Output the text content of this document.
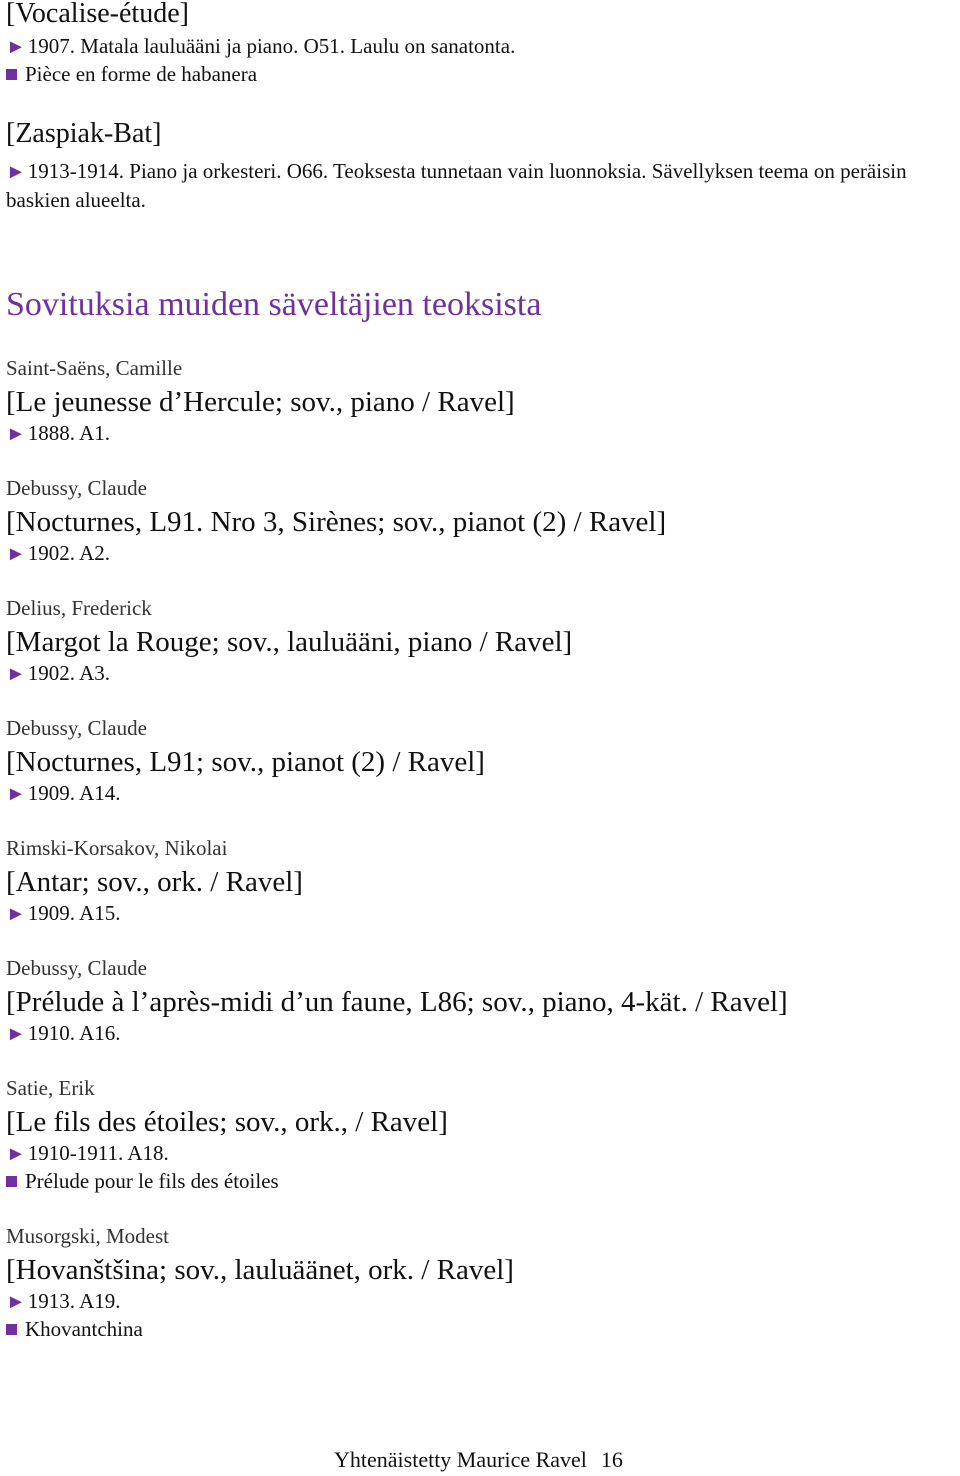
[Vocalise-étude]
►1907. Matala lauluääni ja piano. O51. Laulu on sanatonta.
Pièce en forme de habanera
[Zaspiak-Bat]
►1913-1914. Piano ja orkesteri. O66. Teoksesta tunnetaan vain luonnoksia. Sävellyksen teema on peräisin baskien alueelta.
Sovituksia muiden säveltäjien teoksista
Saint-Saëns, Camille
[Le jeunesse d’Hercule; sov., piano / Ravel]
►1888. A1.
Debussy, Claude
[Nocturnes, L91. Nro 3, Sirènes; sov., pianot (2) / Ravel]
►1902. A2.
Delius, Frederick
[Margot la Rouge; sov., lauluääni, piano / Ravel]
►1902. A3.
Debussy, Claude
[Nocturnes, L91; sov., pianot (2) / Ravel]
►1909. A14.
Rimski-Korsakov, Nikolai
[Antar; sov., ork. / Ravel]
►1909. A15.
Debussy, Claude
[Prélude à l’après-midi d’un faune, L86; sov., piano, 4-kät. / Ravel]
►1910. A16.
Satie, Erik
[Le fils des étoiles; sov., ork., / Ravel]
►1910-1911. A18.
Prélude pour le fils des étoiles
Musorgski, Modest
[Hovanštšina; sov., lauluäänet, ork. / Ravel]
►1913. A19.
Khovantchina
Yhtenäistetty Maurice Ravel 16
